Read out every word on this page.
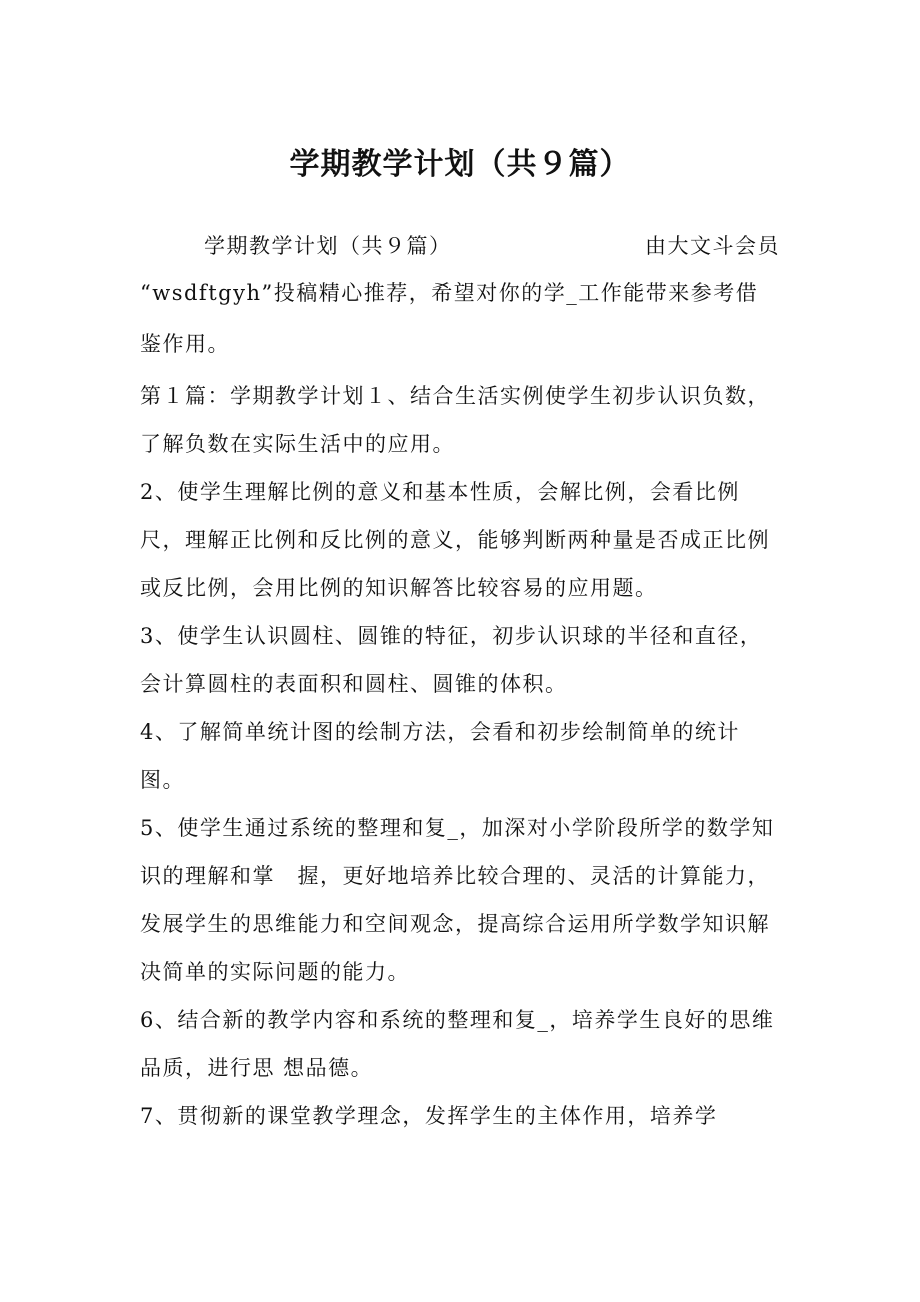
学期教学计划（共９篇）
学期教学计划（共９篇）	由大文斗会员

“wsdftgyh”投稿精心推荐，希望对你的学_工作能带来参考借鉴作用。

第１篇：学期教学计划１、结合生活实例使学生初步认识负数，了解负数在实际生活中的应用。

2、使学生理解比例的意义和基本性质，会解比例，会看比例尺，理解正比例和反比例的意义，能够判断两种量是否成正比例或反比例，会用比例的知识解答比较容易的应用题。

3、使学生认识圆柱、圆锥的特征，初步认识球的半径和直径，会计算圆柱的表面积和圆柱、圆锥的体积。

4、了解简单统计图的绘制方法，会看和初步绘制简单的统计图。

5、使学生通过系统的整理和复_，加深对小学阶段所学的数学知识的理解和掌　握，更好地培养比较合理的、灵活的计算能力，发展学生的思维能力和空间观念，提高综合运用所学数学知识解决简单的实际问题的能力。

6、结合新的教学内容和系统的整理和复_，培养学生良好的思维品质，进行思 想品德。

7、贯彻新的课堂教学理念，发挥学生的主体作用，培养学
